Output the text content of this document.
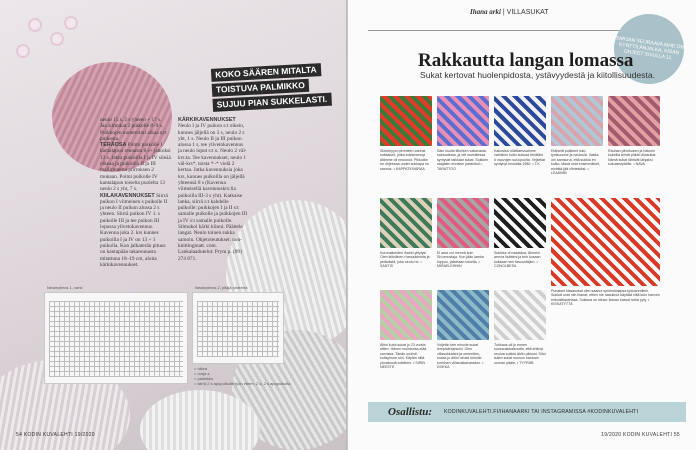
KOKO SÄÄREN MITALTA
TOISTUVA PALMIKKO
SUJUU PIAN SUKKELASTI.
neulo 15 s, 2 s yhteen + 17 s.
Jaa silmukat 2 puikolle 8–9 s. Puikkojen numerointi alkaa nyt puikosta.
TERÄOSA Poimi puikolle I kantalapun reunasta 8 s+ jatkoksi 13 s. Jatka puikoilla I ja IV sileää oikeaa ja puikoilla II ja III malliruutetta piirroksen 2 mukaan. Poimi puikolle IV kantalapun toiselta puolelta 13 neulo 2 s yht, 7 s.
KIILAKAVENNUKSET Siirrä puikon I viimeinen s puikolle II ja neulo II puikon alussa 2 s yhteen. Siirrä puikon IV 1. s puikolle III ja tee puikon III lopussa ylivetokavennus. Kavenna joka 2. krs kunnes puikoilla I ja IV on 13 + 1 puikolla. Kun jalkaterän pituus on kantapään takareunasta mitattuna 18–19 cm, aloita kärkikavennukset.
KÄRKIKAVENNUKSET Neulo I ja IV puikon s:t oikein, kunnes jäljellä on 3 s, neulo 2 s yht, 1 s. Neulo II ja III puikon alussa 1 s, tee ylivetokavennus ja neulo loput s:t o. Neulo 2 väl-krs:ta. Tee kavennukset, neulo 1 väl-krs*, toista *–* vielä 2 kertaa. Jatka kavennuksia joka krs, kunnes puikoilla on jäljellä yhteensä 8 s (Kavenna viimeisellä kavennuskrs:lla puikoilla III-3 s yht). Katkaise lanka, siirrä s:t kahdelle puikolle: puikkojen I ja II s:t samalle puikolle ja puikkojen III ja IV s:t samalle puikolle. Silmukoi kärki kiinni. Päättele langat. Neulo toinen sukka samoin. Ohjetoteutukset: nou-knittingmatt. com. Lankalaadutelut: Prym p. (09) 274 871.
Neulepiirros 1, varsi	Neulepiirros 2, pitäjä pistelmä
= oikea
= nurja s
= palmikko
= siirrä 2 s apupuikolle työn eteen, 2 o, 2 s apupuikolta
54 KODIN KUVALEHTI 19/2020
Ihana arki | VILLASUKAT
SARJAN SEURAAVA AIHE ON KYNTTILÄNJALKA, KISAN OHJEET SIVULLA 11.
Rakkautta langan lomassa
Sukat kertovat huolenpidosta, ystävyydestä ja kiitollisuudesta.
Slotomyyni perinteen vanhat sukkaiset, jotka edesmennyt äitimme oli neulonut. Pikkutän ne ohjeesaa uudet sukkapa ris sannuz. • KAPPATKIVARAA
Sain kuulla tilkeisen vakavasta sairaudesta, ja otti muistitessa syntyvät raikkaat sukat. Sukkien saajalen ennaise paranitull • TARATTOO
Kakosisa nökittaessamme valmiinin kuitu sukkaa herätänt ö vauvojen sukupuolta. Vejkeliat syntynyt neolailla 1980. • T.K
Etäiselä puikkeet isko tyntsuunne ja neulosia. Vakka oin samsurut, että sukkia en kuiko, tässä ovat ensimmäiset, eivätkä jää viimeisiksi. • LEADIMB
Rauhan pihvikusen ja haluoin kokeilla tehdä pitkät villasukat. Nämä sukat lähtivät lahjaksi sukulaistyttölle. • NAVA
Koronaikeiden ihanin ylitytys! Olen kiitollinen rhanuukinista ja ystävästä, joka neulo ne. • SANTIS
Ei ama voi mennä kuin Sh:omustaja. Kun jään lamka loppuu, jatketaan toisella. • MIRAELEHNIN
Sukkise di naastava. Äinneni armoa lisätteni ja tein kosaan sukkaan sen tasuuntäjien. • CONOLBESA
Punaiset kissasukat olen saanut syntimänlapsa työkaverilleni. Sukkat ovat niin ihanat, ettien nie raaskinut käyttää niitä kuin harvoin erikoistilanteissa. Sukissa on ideaa: kissan kasvot sekä pyly. • KISSATYTTÄ
Äitini kutoi sukat jo 23 vuotta sitten. Hänen muistonsa elää sarvissa. Tänän uudisti kultsyhsen nini. Käytän niitä ylouskssiä edelleen. • SIRIN NEESTE
Voljeitin tein minulle sukat lempivärejessini. Olen villasukkafani ja ommeites, koska jo äitini neuloi minulle kuminen villasukkavaradon. • DOKKA
Tuhkaus oli jo ennen suosauskkaisuutta, että ehtinyt neulua sukkia äidin pikkusi. Sitoi isäen sukat nuuson kantuva uurnan pääle. • TYYRÄB
Osallistu: KODINKUVALEHTI.FI/IHANAARKI TAI INSTAGRAMISSA #KODINKUVALEHTI
19/2020 KODIN KUVALEHTI 55
